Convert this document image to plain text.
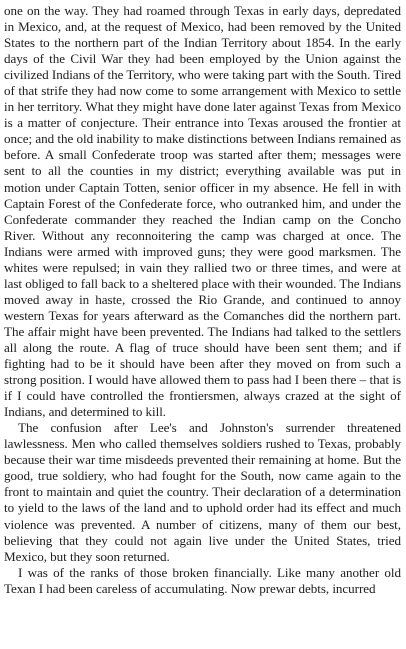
one on the way. They had roamed through Texas in early days, depredated in Mexico, and, at the request of Mexico, had been removed by the United States to the northern part of the Indian Territory about 1854. In the early days of the Civil War they had been employed by the Union against the civilized Indians of the Territory, who were taking part with the South. Tired of that strife they had now come to some arrangement with Mexico to settle in her territory. What they might have done later against Texas from Mexico is a matter of conjecture. Their entrance into Texas aroused the frontier at once; and the old inability to make distinctions between Indians remained as before. A small Confederate troop was started after them; messages were sent to all the counties in my district; everything available was put in motion under Captain Totten, senior officer in my absence. He fell in with Captain Forest of the Confederate force, who outranked him, and under the Confederate commander they reached the Indian camp on the Concho River. Without any reconnoitering the camp was charged at once. The Indians were armed with improved guns; they were good marksmen. The whites were repulsed; in vain they rallied two or three times, and were at last obliged to fall back to a sheltered place with their wounded. The Indians moved away in haste, crossed the Rio Grande, and continued to annoy western Texas for years afterward as the Comanches did the northern part. The affair might have been prevented. The Indians had talked to the settlers all along the route. A flag of truce should have been sent them; and if fighting had to be it should have been after they moved on from such a strong position. I would have allowed them to pass had I been there – that is if I could have controlled the frontiersmen, always crazed at the sight of Indians, and determined to kill.

The confusion after Lee's and Johnston's surrender threatened lawlessness. Men who called themselves soldiers rushed to Texas, probably because their war time misdeeds prevented their remaining at home. But the good, true soldiery, who had fought for the South, now came again to the front to maintain and quiet the country. Their declaration of a determination to yield to the laws of the land and to uphold order had its effect and much violence was prevented. A number of citizens, many of them our best, believing that they could not again live under the United States, tried Mexico, but they soon returned.

I was of the ranks of those broken financially. Like many another old Texan I had been careless of accumulating. Now prewar debts, incurred
